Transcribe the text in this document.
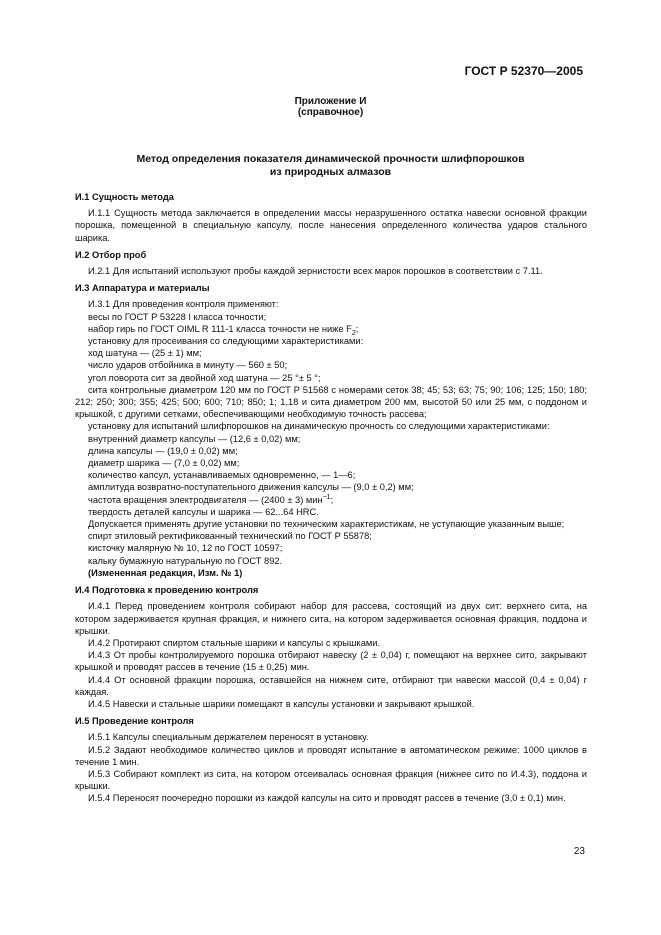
ГОСТ Р 52370—2005
Приложение И
(справочное)
Метод определения показателя динамической прочности шлифпорошков
из природных алмазов
И.1 Сущность метода
И.1.1 Сущность метода заключается в определении массы неразрушенного остатка навески основной фракции порошка, помещенной в специальную капсулу, после нанесения определенного количества ударов стального шарика.
И.2 Отбор проб
И.2.1 Для испытаний используют пробы каждой зернистости всех марок порошков в соответствии с 7.11.
И.3 Аппаратура и материалы
И.3.1 Для проведения контроля применяют:
весы по ГОСТ Р 53228 I класса точности;
набор гирь по ГОСТ OIML R 111-1 класса точности не ниже $F_2$;
установку для просеивания со следующими характеристиками:
ход шатуна — (25 ± 1) мм;
число ударов отбойника в минуту — 560 ± 50;
угол поворота сит за двойной ход шатуна — 25 °± 5 °;
сита контрольные диаметром 120 мм по ГОСТ Р 51568 с номерами сеток 38; 45; 53; 63; 75; 90; 106; 125; 150; 180; 212; 250; 300; 355; 425; 500; 600; 710; 850; 1; 1,18 и сита диаметром 200 мм, высотой 50 или 25 мм, с поддоном и крышкой, с другими сетками, обеспечивающими необходимую точность рассева;
установку для испытаний шлифпорошков на динамическую прочность со следующими характеристиками:
внутренний диаметр капсулы — (12,6 ± 0,02) мм;
длина капсулы — (19,0 ± 0,02) мм;
диаметр шарика — (7,0 ± 0,02) мм;
количество капсул, устанавливаемых одновременно, — 1—6;
амплитуда возвратно-поступательного движения капсулы — (9,0 ± 0,2) мм;
частота вращения электродвигателя — (2400 ± 3) мин$^{-1}$;
твердость деталей капсулы и шарика — 62...64 HRC.
Допускается применять другие установки по техническим характеристикам, не уступающие указанным выше;
спирт этиловый ректификованный технический по ГОСТ Р 55878;
кисточку малярную № 10, 12 по ГОСТ 10597;
кальку бумажную натуральную по ГОСТ 892.
(Измененная редакция, Изм. № 1)
И.4 Подготовка к проведению контроля
И.4.1 Перед проведением контроля собирают набор для рассева, состоящий из двух сит: верхнего сита, на котором задерживается крупная фракция, и нижнего сита, на котором задерживается основная фракция, поддона и крышки.
И.4.2 Протирают спиртом стальные шарики и капсулы с крышками.
И.4.3 От пробы контролируемого порошка отбирают навеску (2 ± 0,04) г, помещают на верхнее сито, закрывают крышкой и проводят рассев в течение (15 ± 0,25) мин.
И.4.4 От основной фракции порошка, оставшейся на нижнем сите, отбирают три навески массой (0,4 ± 0,04) г каждая.
И.4.5 Навески и стальные шарики помещают в капсулы установки и закрывают крышкой.
И.5 Проведение контроля
И.5.1 Капсулы специальным держателем переносят в установку.
И.5.2 Задают необходимое количество циклов и проводят испытание в автоматическом режиме: 1000 циклов в течение 1 мин.
И.5.3 Собирают комплект из сита, на котором отсеивалась основная фракция (нижнее сито по И.4.3), поддона и крышки.
И.5.4 Переносят поочередно порошки из каждой капсулы на сито и проводят рассев в течение (3,0 ± 0,1) мин.
23
